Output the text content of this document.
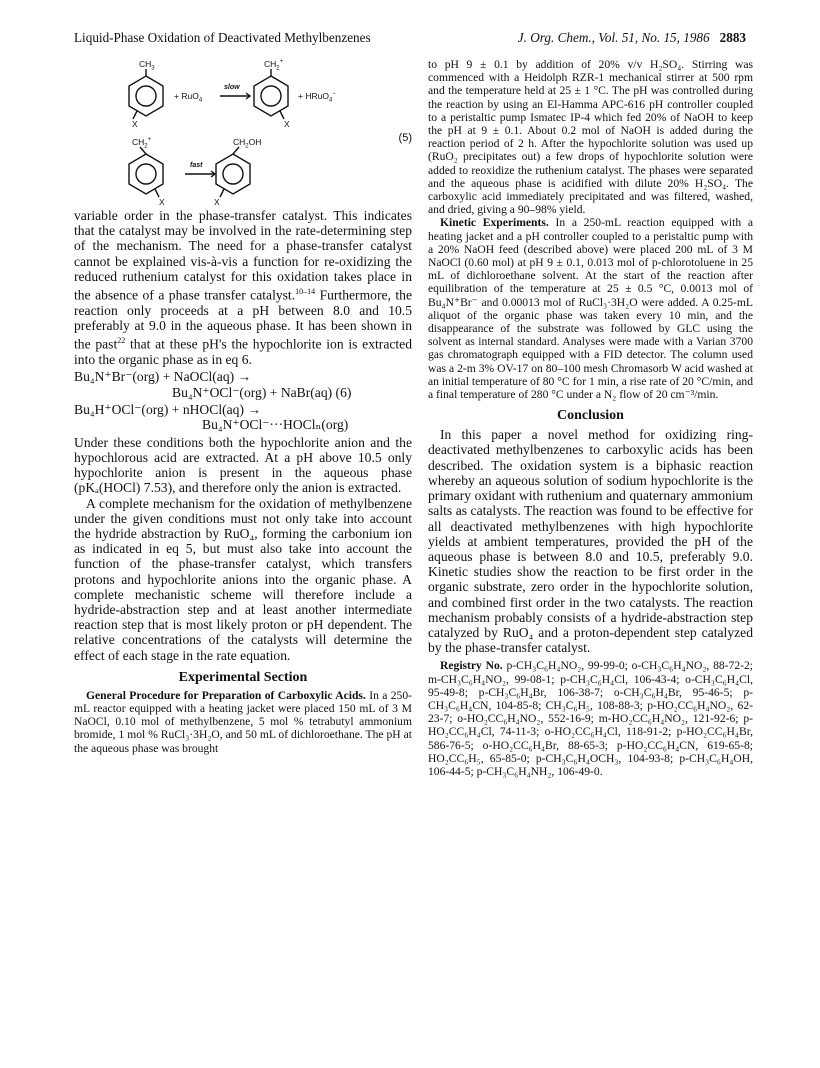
Liquid-Phase Oxidation of Deactivated Methylbenzenes	J. Org. Chem., Vol. 51, No. 15, 1986 2883
$CH_3$
X
+ RuO$_4$
slow
$CH_2^+$
X
+ HRuO$_4$−
$CH_2^+$
X
fast
$CH_2OH$
X
(5)

variable order in the phase-transfer catalyst. This indicates that the catalyst may be involved in the rate-determining step of the mechanism. The need for a phase-transfer catalyst cannot be explained vis-à-vis a function for re-oxidizing the reduced ruthenium catalyst for this oxidation takes place in the absence of a phase transfer catalyst.$^{10-14}$ Furthermore, the reaction only proceeds at a pH between 8.0 and 10.5 preferably at 9.0 in the aqueous phase. It has been shown in the past$^{22}$ that at these pH's the hypochlorite ion is extracted into the organic phase as in eq 6.

Bu₄N⁺Br⁻(org) + NaOCl(aq) →
Bu₄N⁺OCl⁻(org) + NaBr(aq) (6)
Bu₄H⁺OCl⁻(org) + nHOCl(aq) →
Bu₄N⁺OCl⁻···HOClₙ(org)

Under these conditions both the hypochlorite anion and the hypochlorous acid are extracted. At a pH above 10.5 only hypochlorite anion is present in the aqueous phase (pKₐ(HOCl) 7.53), and therefore only the anion is extracted.

A complete mechanism for the oxidation of methylbenzene under the given conditions must not only take into account the hydride abstraction by RuO₄, forming the carbonium ion as indicated in eq 5, but must also take into account the function of the phase-transfer catalyst, which transfers protons and hypochlorite anions into the organic phase. A complete mechanistic scheme will therefore include a hydride-abstraction step and at least another intermediate reaction step that is most likely proton or pH dependent. The relative concentrations of the catalysts will determine the effect of each stage in the rate equation.

Experimental Section

General Procedure for Preparation of Carboxylic Acids. In a 250-mL reactor equipped with a heating jacket were placed 150 mL of 3 M NaOCl, 0.10 mol of methylbenzene, 5 mol % tetrabutyl ammonium bromide, 1 mol % RuCl₃·3H₂O, and 50 mL of dichloroethane. The pH at the aqueous phase was brought

to pH 9 ± 0.1 by addition of 20% v/v H₂SO₄. Stirring was commenced with a Heidolph RZR-1 mechanical stirrer at 500 rpm and the temperature held at 25 ± 1 °C. The pH was controlled during the reaction by using an El-Hamma APC-616 pH controller coupled to a peristaltic pump Ismatec IP-4 which fed 20% of NaOH to keep the pH at 9 ± 0.1. About 0.2 mol of NaOH is added during the reaction period of 2 h. After the hypochlorite solution was used up (RuO₂ precipitates out) a few drops of hypochlorite solution were added to reoxidize the ruthenium catalyst. The phases were separated and the aqueous phase is acidified with dilute 20% H₂SO₄. The carboxylic acid immediately precipitated and was filtered, washed, and dried, giving a 90–98% yield.

Kinetic Experiments. In a 250-mL reaction equipped with a heating jacket and a pH controller coupled to a peristaltic pump with a 20% NaOH feed (described above) were placed 200 mL of 3 M NaOCl (0.60 mol) at pH 9 ± 0.1, 0.013 mol of p-chlorotoluene in 25 mL of dichloroethane solvent. At the start of the reaction after equilibration of the temperature at 25 ± 0.5 °C, 0.0013 mol of Bu₄N⁺Br⁻ and 0.00013 mol of RuCl₃·3H₂O were added. A 0.25-mL aliquot of the organic phase was taken every 10 min, and the disappearance of the substrate was followed by GLC using the solvent as internal standard. Analyses were made with a Varian 3700 gas chromatograph equipped with a FID detector. The column used was a 2-m 3% OV-17 on 80–100 mesh Chromasorb W acid washed at an initial temperature of 80 °C for 1 min, a rise rate of 20 °C/min, and a final temperature of 280 °C under a N₂ flow of 20 cm⁻³/min.

Conclusion

In this paper a novel method for oxidizing ring-deactivated methylbenzenes to carboxylic acids has been described. The oxidation system is a biphasic reaction whereby an aqueous solution of sodium hypochlorite is the primary oxidant with ruthenium and quaternary ammonium salts as catalysts. The reaction was found to be effective for all deactivated methylbenzenes with high hypochlorite yields at ambient temperatures, provided the pH of the aqueous phase is between 8.0 and 10.5, preferably 9.0. Kinetic studies show the reaction to be first order in the organic substrate, zero order in the hypochlorite solution, and combined first order in the two catalysts. The reaction mechanism probably consists of a hydride-abstraction step catalyzed by RuO₄ and a proton-dependent step catalyzed by the phase-transfer catalyst.

Registry No. p-CH₃C₆H₄NO₂, 99-99-0; o-CH₃C₆H₄NO₂, 88-72-2; m-CH₃C₆H₄NO₂, 99-08-1; p-CH₃C₆H₄Cl, 106-43-4; o-CH₃C₆H₄Cl, 95-49-8; p-CH₃C₆H₄Br, 106-38-7; o-CH₃C₆H₄Br, 95-46-5; p-CH₃C₆H₄CN, 104-85-8; CH₃C₆H₅, 108-88-3; p-HO₂CC₆H₄NO₂, 62-23-7; o-HO₂CC₆H₄NO₂, 552-16-9; m-HO₂CC₆H₄NO₂, 121-92-6; p-HO₂CC₆H₄Cl, 74-11-3; o-HO₂CC₆H₄Cl, 118-91-2; p-HO₂CC₆H₄Br, 586-76-5; o-HO₂CC₆H₄Br, 88-65-3; p-HO₂CC₆H₄CN, 619-65-8; HO₂CC₆H₅, 65-85-0; p-CH₃C₆H₄OCH₃, 104-93-8; p-CH₃C₆H₄OH, 106-44-5; p-CH₃C₆H₄NH₂, 106-49-0.
